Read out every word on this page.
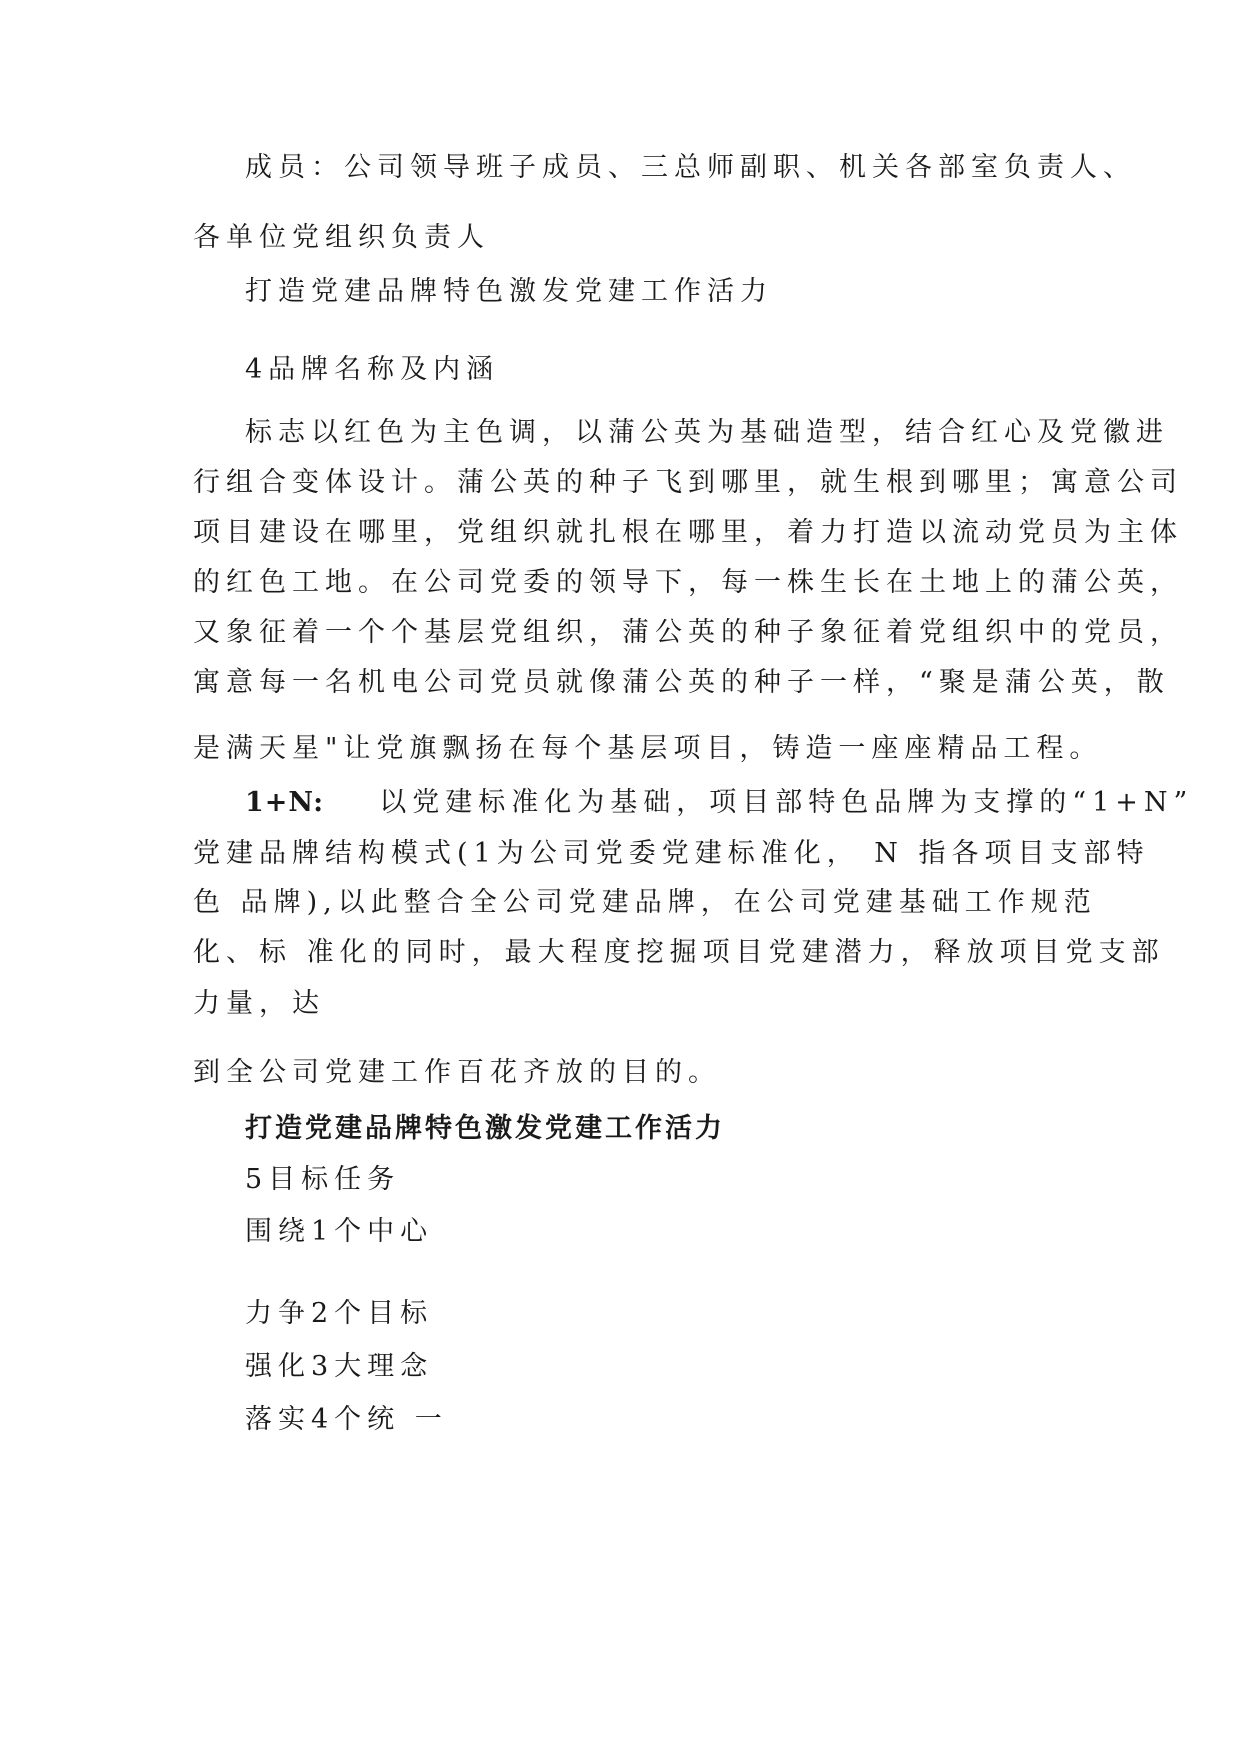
成员：公司领导班子成员、三总师副职、机关各部室负责人、
各单位党组织负责人
打造党建品牌特色激发党建工作活力
4品牌名称及内涵
标志以红色为主色调，以蒲公英为基础造型，结合红心及党徽进
行组合变体设计。蒲公英的种子飞到哪里，就生根到哪里；寓意公司
项目建设在哪里，党组织就扎根在哪里，着力打造以流动党员为主体
的红色工地。在公司党委的领导下，每一株生长在土地上的蒲公英，
又象征着一个个基层党组织，蒲公英的种子象征着党组织中的党员，
寓意每一名机电公司党员就像蒲公英的种子一样，“聚是蒲公英，散
是满天星"让党旗飘扬在每个基层项目，铸造一座座精品工程。
1+N: 以党建标准化为基础，项目部特色品牌为支撑的“1+N”
党建品牌结构模式(1为公司党委党建标准化， N 指各项目支部特
色 品牌),以此整合全公司党建品牌，在公司党建基础工作规范
化、标 准化的同时，最大程度挖掘项目党建潜力，释放项目党支部
力量，达
到全公司党建工作百花齐放的目的。
打造党建品牌特色激发党建工作活力
5目标任务
围绕1个中心
力争2个目标
强化3大理念
落实4个统 一
